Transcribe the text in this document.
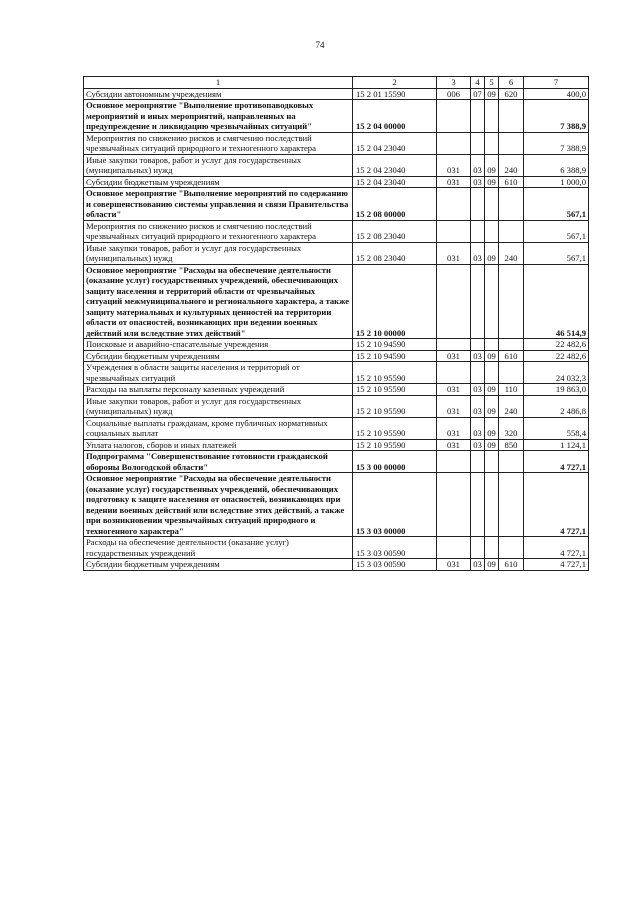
74
1	2	3	4	5	6	7
Субсидии автономным учреждениям	15 2 01 15590	006	07	09	620	400,0
Основное мероприятие "Выполнение противопаводковых мероприятий и иных мероприятий, направленных на предупреждение и ликвидацию чрезвычайных ситуаций"	15 2 04 00000					7 388,9
Мероприятия по снижению рисков и смягчению последствий чрезвычайных ситуаций природного и техногенного характера	15 2 04 23040					7 388,9
Иные закупки товаров, работ и услуг для государственных (муниципальных) нужд	15 2 04 23040	031	03	09	240	6 388,9
Субсидии бюджетным учреждениям	15 2 04 23040	031	03	09	610	1 000,0
Основное мероприятие "Выполнение мероприятий по содержанию и совершенствованию системы управления и связи Правительства области"	15 2 08 00000					567,1
Мероприятия по снижению рисков и смягчению последствий чрезвычайных ситуаций природного и техногенного характера	15 2 08 23040					567,1
Иные закупки товаров, работ и услуг для государственных (муниципальных) нужд	15 2 08 23040	031	03	09	240	567,1
Основное мероприятие "Расходы на обеспечение деятельности (оказание услуг) государственных учреждений, обеспечивающих защиту населения и территорий области от чрезвычайных ситуаций межмуниципального и регионального характера, а также защиту материальных и культурных ценностей на территории области от опасностей, возникающих при ведении военных действий или вследствие этих действий"	15 2 10 00000					46 514,9
Поисковые и аварийно-спасательные учреждения	15 2 10 94590					22 482,6
Субсидии бюджетным учреждениям	15 2 10 94590	031	03	09	610	22 482,6
Учреждения в области защиты населения и территорий от чрезвычайных ситуаций	15 2 10 95590					24 032,3
Расходы на выплаты персоналу казенных учреждений	15 2 10 95590	031	03	09	110	19 863,0
Иные закупки товаров, работ и услуг для государственных (муниципальных) нужд	15 2 10 95590	031	03	09	240	2 486,8
Социальные выплаты гражданам, кроме публичных нормативных социальных выплат	15 2 10 95590	031	03	09	320	558,4
Уплата налогов, сборов и иных платежей	15 2 10 95590	031	03	09	850	1 124,1
Подпрограмма "Совершенствование готовности гражданской обороны Вологодской области"	15 3 00 00000					4 727,1
Основное мероприятие "Расходы на обеспечение деятельности (оказание услуг) государственных учреждений, обеспечивающих подготовку к защите населения от опасностей, возникающих при ведении военных действий или вследствие этих действий, а также при возникновении чрезвычайных ситуаций природного и техногенного характера"	15 3 03 00000					4 727,1
Расходы на обеспечение деятельности (оказание услуг) государственных учреждений	15 3 03 00590					4 727,1
Субсидии бюджетным учреждениям	15 3 03 00590	031	03	09	610	4 727,1
